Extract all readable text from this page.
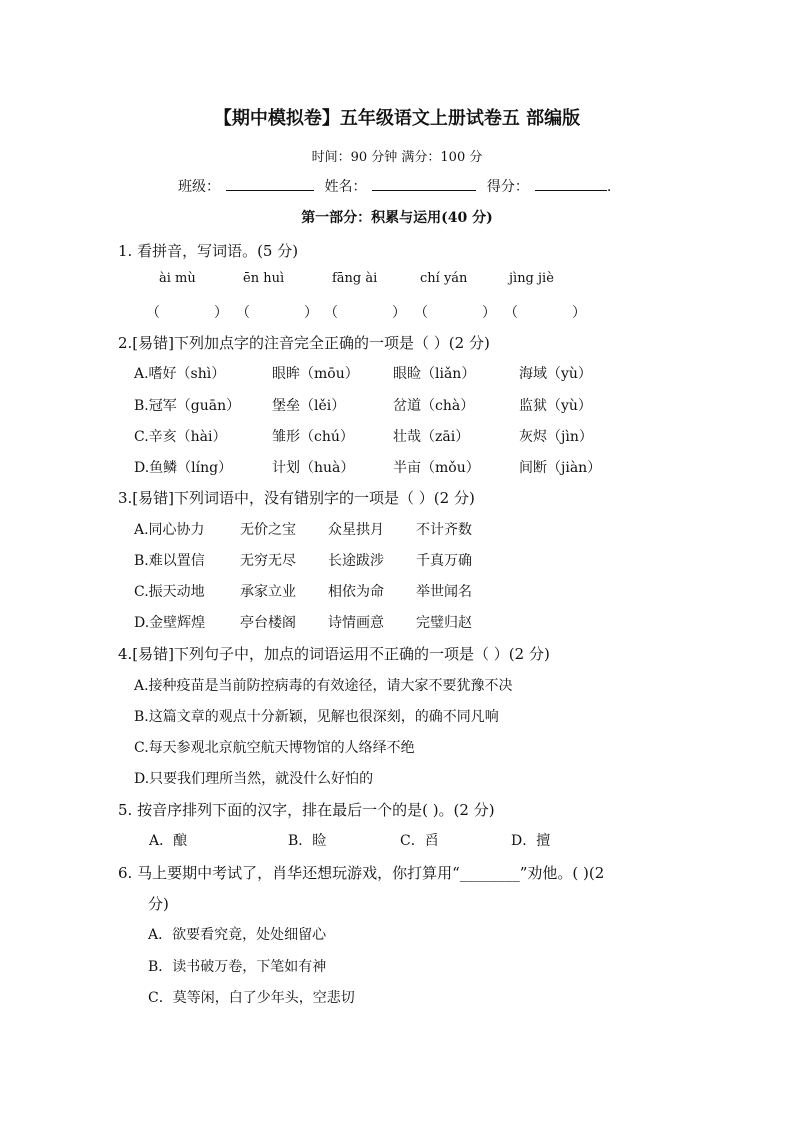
【期中模拟卷】五年级语文上册试卷五 部编版
时间：90 分钟 满分：100 分
班级：	姓名：	得分：	.
第一部分：积累与运用(40 分)
1. 看拼音，写词语。(5 分)
ài mù	ēn huì	fāng ài	chí yán	jìng jiè
（	） （	） （	） （	） （	）
2.[易错]下列加点字的注音完全正确的一项是（ ）(2 分)
A.嗜好（shì）	眼眸（mōu） 眼睑（liǎn）	海域（yù）
B.冠军（guān） 堡垒（lěi）	岔道（chà）	监狱（yù）
C.辛亥（hài）	雏形（chú）	壮哉（zāi）	灰烬（jìn）
D.鱼鳞（líng）	计划（huà）	半亩（mǒu）	间断（jiàn）
3.[易错]下列词语中，没有错别字的一项是（ ）(2 分)
A.同心协力	无价之宝 众星拱月 不计齐数
B.难以置信	无穷无尽 长途跋涉 千真万确
C.振天动地	承家立业 相依为命 举世闻名
D.金壁辉煌 亭台楼阁 诗情画意 完璧归赵
4.[易错]下列句子中，加点的词语运用不正确的一项是（ ）(2 分)
A.接种疫苗是当前防控病毒的有效途径，请大家不要犹豫不决
B.这篇文章的观点十分新颖，见解也很深刻，的确不同凡响
C.每天参观北京航空航天博物馆的人络绎不绝
D.只要我们理所当然，就没什么好怕的
5. 按音序排列下面的汉字，排在最后一个的是( )。(2 分)
A．酿	B．睑	C．舀	D．擅
6. 马上要期中考试了，肖华还想玩游戏，你打算用“________”劝他。( )(2
分)
A．欲要看究竟，处处细留心
B．读书破万卷，下笔如有神
C．莫等闲，白了少年头，空悲切
